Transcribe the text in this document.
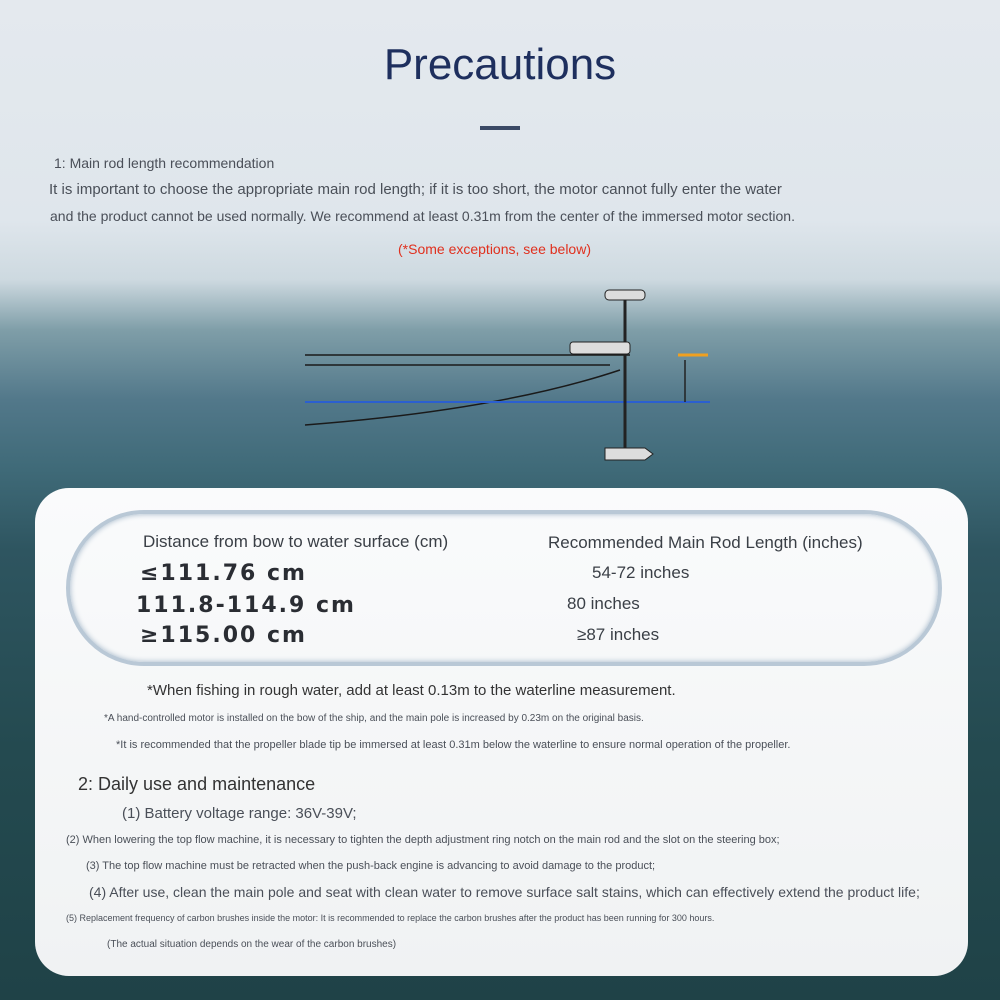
Precautions
1: Main rod length recommendation
It is important to choose the appropriate main rod length; if it is too short, the motor cannot fully enter the water
and the product cannot be used normally. We recommend at least 0.31m from the center of the immersed motor section.
(*Some exceptions, see below)
Distance from bow to water surface (cm)	Recommended Main Rod Length (inches)
≤111.76 cm
111.8-114.9 cm
≥115.00 cm
54-72 inches
80 inches
≥87 inches
*When fishing in rough water, add at least 0.13m to the waterline measurement.
*A hand-controlled motor is installed on the bow of the ship, and the main pole is increased by 0.23m on the original basis.
*It is recommended that the propeller blade tip be immersed at least 0.31m below the waterline to ensure normal operation of the propeller.
2: Daily use and maintenance
(1) Battery voltage range: 36V-39V;
(2) When lowering the top flow machine, it is necessary to tighten the depth adjustment ring notch on the main rod and the slot on the steering box;
(3) The top flow machine must be retracted when the push-back engine is advancing to avoid damage to the product;
(4) After use, clean the main pole and seat with clean water to remove surface salt stains, which can effectively extend the product life;
(5) Replacement frequency of carbon brushes inside the motor: It is recommended to replace the carbon brushes after the product has been running for 300 hours.
(The actual situation depends on the wear of the carbon brushes)
